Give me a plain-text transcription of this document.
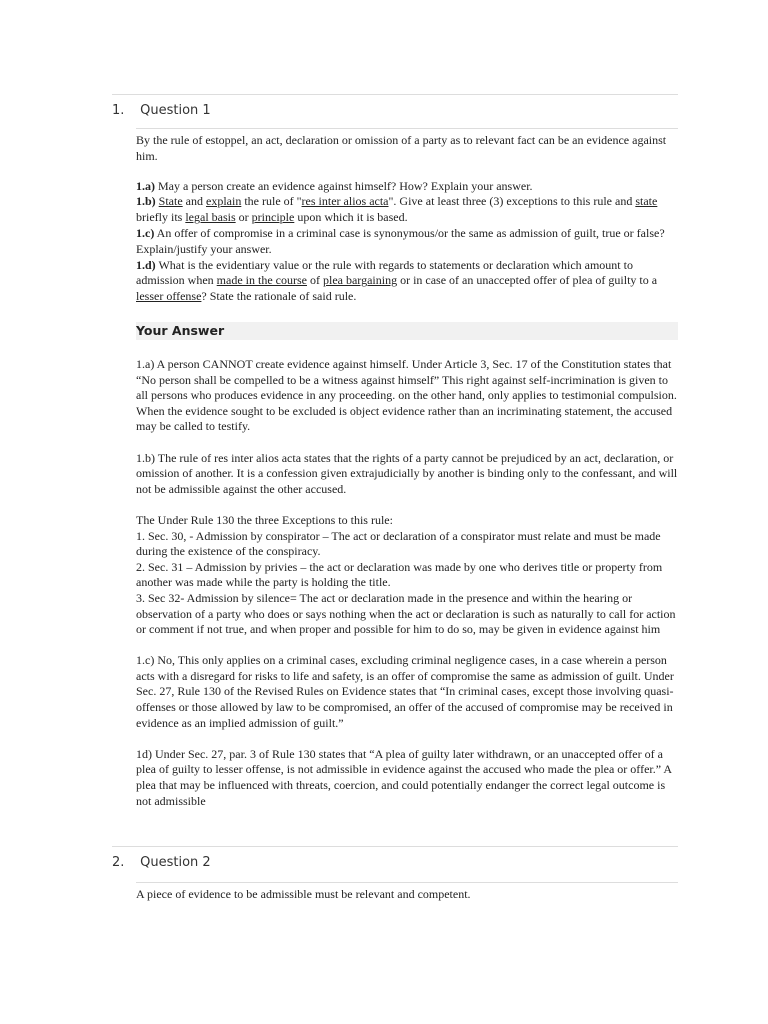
1. Question 1

By the rule of estoppel, an act, declaration or omission of a party as to relevant fact can be an evidence against him.

1.a) May a person create an evidence against himself? How? Explain your answer.

1.b) State and explain the rule of "res inter alios acta". Give at least three (3) exceptions to this rule and state briefly its legal basis or principle upon which it is based.

1.c) An offer of compromise in a criminal case is synonymous/or the same as admission of guilt, true or false? Explain/justify your answer.

1.d) What is the evidentiary value or the rule with regards to statements or declaration which amount to admission when made in the course of plea bargaining or in case of an unaccepted offer of plea of guilty to a lesser offense? State the rationale of said rule.

Your Answer

1.a) A person CANNOT create evidence against himself. Under Article 3, Sec. 17 of the Constitution states that “No person shall be compelled to be a witness against himself” This right against self-incrimination is given to all persons who produces evidence in any proceeding. on the other hand, only applies to testimonial compulsion. When the evidence sought to be excluded is object evidence rather than an incriminating statement, the accused may be called to testify.

1.b) The rule of res inter alios acta states that the rights of a party cannot be prejudiced by an act, declaration, or omission of another. It is a confession given extrajudicially by another is binding only to the confessant, and will not be admissible against the other accused.

The Under Rule 130 the three Exceptions to this rule:

1. Sec. 30, - Admission by conspirator – The act or declaration of a conspirator must relate and must be made during the existence of the conspiracy.

2. Sec. 31 – Admission by privies – the act or declaration was made by one who derives title or property from another was made while the party is holding the title.

3. Sec 32- Admission by silence= The act or declaration made in the presence and within the hearing or observation of a party who does or says nothing when the act or declaration is such as naturally to call for action or comment if not true, and when proper and possible for him to do so, may be given in evidence against him

1.c) No, This only applies on a criminal cases, excluding criminal negligence cases, in a case wherein a person acts with a disregard for risks to life and safety, is an offer of compromise the same as admission of guilt. Under Sec. 27, Rule 130 of the Revised Rules on Evidence states that “In criminal cases, except those involving quasi-offenses or those allowed by law to be compromised, an offer of the accused of compromise may be received in evidence as an implied admission of guilt.”

1d) Under Sec. 27, par. 3 of Rule 130 states that “A plea of guilty later withdrawn, or an unaccepted offer of a plea of guilty to lesser offense, is not admissible in evidence against the accused who made the plea or offer.” A plea that may be influenced with threats, coercion, and could potentially endanger the correct legal outcome is not admissible

2. Question 2

A piece of evidence to be admissible must be relevant and competent.
